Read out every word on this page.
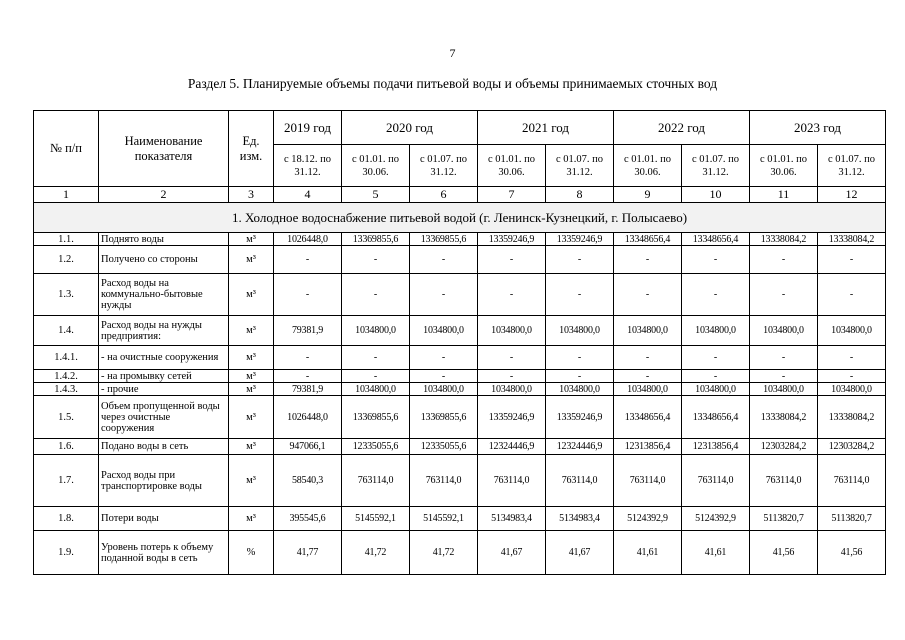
7
Раздел 5. Планируемые объемы подачи питьевой воды и объемы принимаемых сточных вод
№ п/п	Наименование показателя	Ед. изм.	2019 год	2020 год		2021 год		2022 год		2023 год	
			с 18.12. по 31.12.	с 01.01. по 30.06.	с 01.07. по 31.12.	с 01.01. по 30.06.	с 01.07. по 31.12.	с 01.01. по 30.06.	с 01.07. по 31.12.	с 01.01. по 30.06.	с 01.07. по 31.12.
1	2	3	4	5	6	7	8	9	10	11	12
1. Холодное водоснабжение питьевой водой (г. Ленинск-Кузнецкий, г. Полысаево)											
1.1.	Поднято воды	м³	1026448,0	13369855,6	13369855,6	13359246,9	13359246,9	13348656,4	13348656,4	13338084,2	13338084,2
1.2.	Получено со стороны	м³	-	-	-	-	-	-	-	-	-
1.3.	Расход воды на коммунально-бытовые нужды	м³	-	-	-	-	-	-	-	-	-
1.4.	Расход воды на нужды предприятия:	м³	79381,9	1034800,0	1034800,0	1034800,0	1034800,0	1034800,0	1034800,0	1034800,0	1034800,0
1.4.1.	- на очистные сооружения	м³	-	-	-	-	-	-	-	-	-
1.4.2.	- на промывку сетей	м³	-	-	-	-	-	-	-	-	-
1.4.3.	- прочие	м³	79381,9	1034800,0	1034800,0	1034800,0	1034800,0	1034800,0	1034800,0	1034800,0	1034800,0
1.5.	Объем пропущенной воды через очистные сооружения	м³	1026448,0	13369855,6	13369855,6	13359246,9	13359246,9	13348656,4	13348656,4	13338084,2	13338084,2
1.6.	Подано воды в сеть	м³	947066,1	12335055,6	12335055,6	12324446,9	12324446,9	12313856,4	12313856,4	12303284,2	12303284,2
1.7.	Расход воды при транспортировке воды	м³	58540,3	763114,0	763114,0	763114,0	763114,0	763114,0	763114,0	763114,0	763114,0
1.8.	Потери воды	м³	395545,6	5145592,1	5145592,1	5134983,4	5134983,4	5124392,9	5124392,9	5113820,7	5113820,7
1.9.	Уровень потерь к объему поданной воды в сеть	%	41,77	41,72	41,72	41,67	41,67	41,61	41,61	41,56	41,56
